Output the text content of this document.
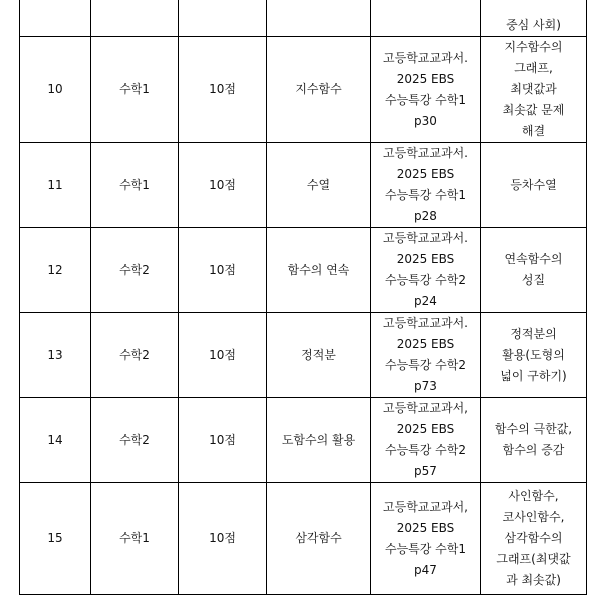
					중심 사회)

10	수학1	10점	지수함수	고등학교교과서.
2025 EBS
수능특강 수학1
p30	지수함수의
그래프,
최댓값과
최솟값 문제
해결

11	수학1	10점	수열	고등학교교과서.
2025 EBS
수능특강 수학1
p28	등차수열

12	수학2	10점	함수의 연속	고등학교교과서.
2025 EBS
수능특강 수학2
p24	연속함수의
성질

13	수학2	10점	정적분	고등학교교과서.
2025 EBS
수능특강 수학2
p73	정적분의
활용(도형의
넓이 구하기)

14	수학2	10점	도함수의 활용	고등학교교과서,
2025 EBS
수능특강 수학2
p57	함수의 극한값,
함수의 증감

15	수학1	10점	삼각함수	고등학교교과서,
2025 EBS
수능특강 수학1
p47	사인함수,
코사인함수,
삼각함수의
그래프(최댓값
과 최솟값)
